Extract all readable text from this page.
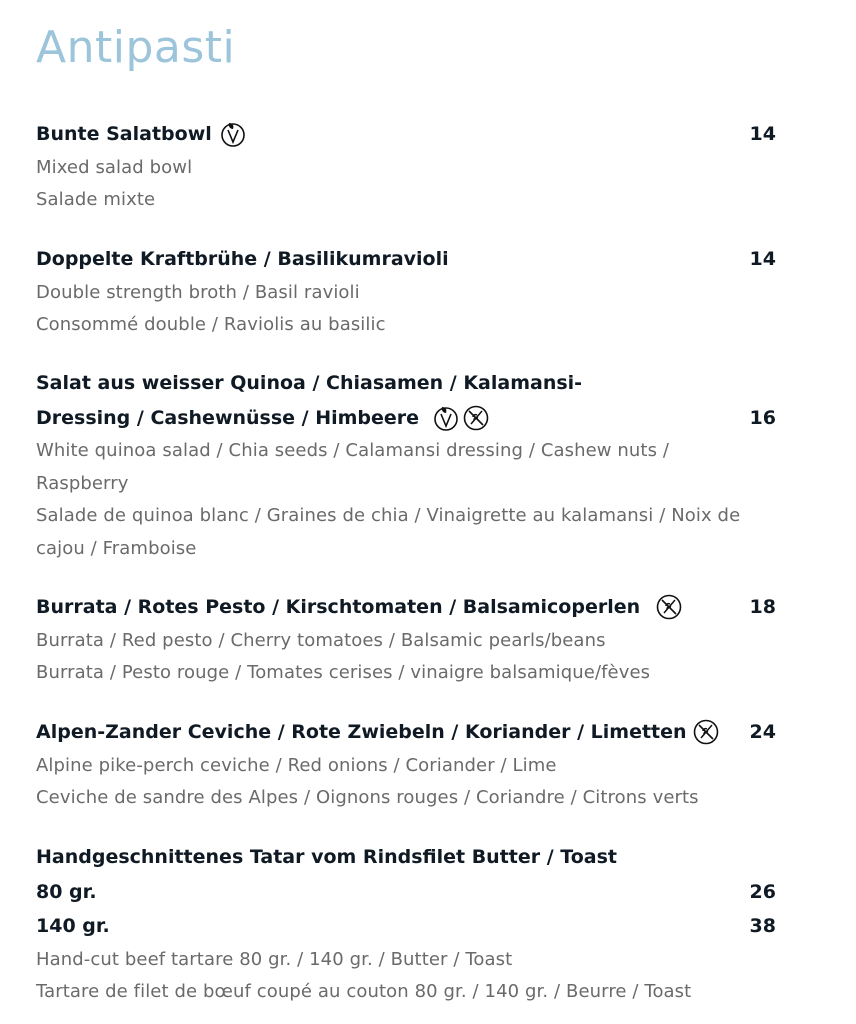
Antipasti
Bunte Salatbowl	14
Mixed salad bowl
Salade mixte
Doppelte Kraftbrühe / Basilikumravioli	14
Double strength broth / Basil ravioli
Consommé double / Raviolis au basilic
Salat aus weisser Quinoa / Chiasamen / Kalamansi-
Dressing / Cashewnüsse / Himbeere	16
White quinoa salad / Chia seeds / Calamansi dressing / Cashew nuts /
Raspberry
Salade de quinoa blanc / Graines de chia / Vinaigrette au kalamansi / Noix de
cajou / Framboise
Burrata / Rotes Pesto / Kirschtomaten / Balsamicoperlen	18
Burrata / Red pesto / Cherry tomatoes / Balsamic pearls/beans
Burrata / Pesto rouge / Tomates cerises / vinaigre balsamique/fèves
Alpen-Zander Ceviche / Rote Zwiebeln / Koriander / Limetten	24
Alpine pike-perch ceviche / Red onions / Coriander / Lime
Ceviche de sandre des Alpes / Oignons rouges / Coriandre / Citrons verts
Handgeschnittenes Tatar vom Rindsfilet Butter / Toast
80 gr.	26
140 gr.	38
Hand-cut beef tartare 80 gr. / 140 gr. / Butter / Toast
Tartare de filet de bœuf coupé au couton 80 gr. / 140 gr. / Beurre / Toast
